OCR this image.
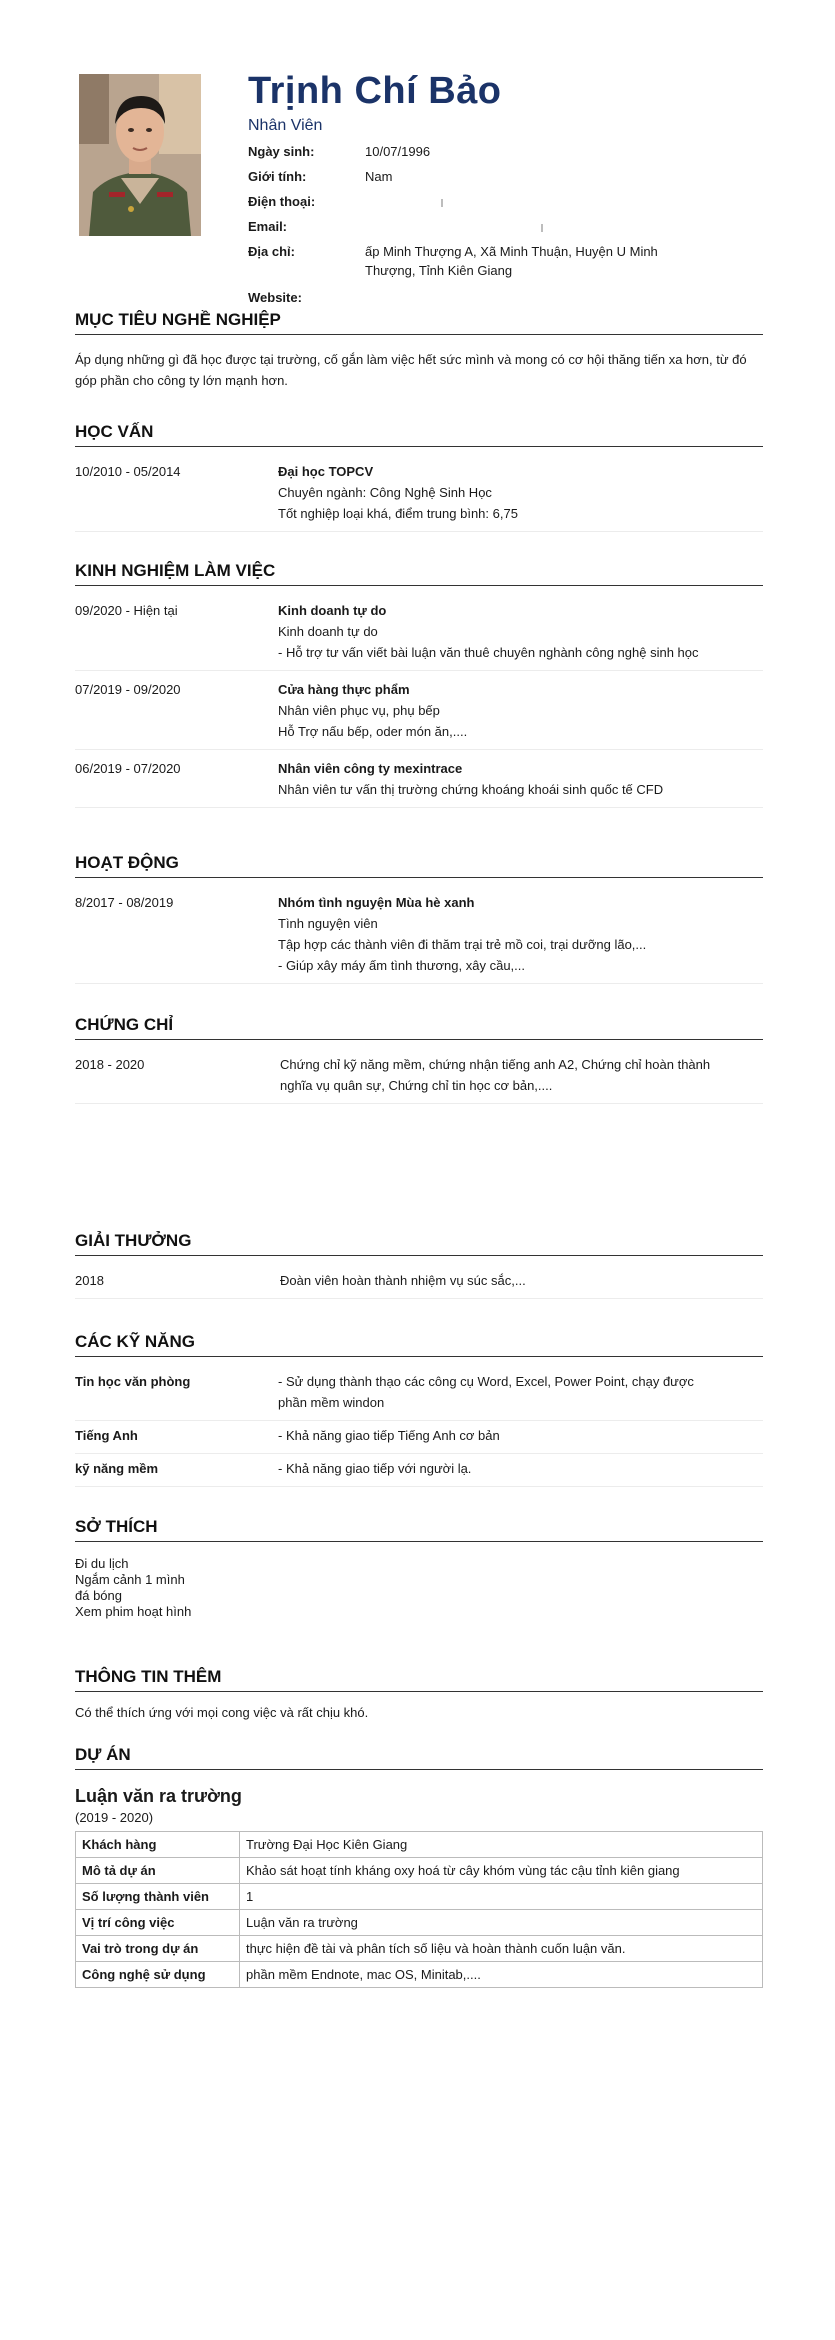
Trịnh Chí Bảo
Nhân Viên
Ngày sinh:	10/07/1996
Giới tính:	Nam
Điện thoại:
Email:
Địa chỉ:	ấp Minh Thượng A, Xã Minh Thuận, Huyện U Minh Thượng, Tỉnh Kiên Giang
Website:
MỤC TIÊU NGHỀ NGHIỆP
Áp dụng những gì đã học được tại trường, cố gắn làm việc hết sức mình và mong có cơ hội thăng tiến xa hơn, từ đó góp phần cho công ty lớn mạnh hơn.
HỌC VẤN
10/2010 - 05/2014	Đại học TOPCV
Chuyên ngành: Công Nghệ Sinh Học
Tốt nghiệp loại khá, điểm trung bình: 6,75
KINH NGHIỆM LÀM VIỆC
09/2020 - Hiện tại	Kinh doanh tự do
Kinh doanh tự do
- Hỗ trợ tư vấn viết bài luận văn thuê chuyên nghành công nghệ sinh học
07/2019 - 09/2020	Cửa hàng thực phẩm
Nhân viên phục vụ, phụ bếp
Hỗ Trợ nấu bếp, oder món ăn,....
06/2019 - 07/2020	Nhân viên công ty mexintrace
Nhân viên tư vấn thị trường chứng khoáng khoái sinh quốc tế CFD
HOẠT ĐỘNG
8/2017 - 08/2019	Nhóm tình nguyện Mùa hè xanh
Tình nguyện viên
Tập hợp các thành viên đi thăm trại trẻ mồ coi, trại dưỡng lão,...
- Giúp xây máy ấm tình thương, xây cầu,...
CHỨNG CHỈ
2018 - 2020	Chứng chỉ kỹ năng mềm, chứng nhận tiếng anh A2, Chứng chỉ hoàn thành nghĩa vụ quân sự, Chứng chỉ tin học cơ bản,....
GIẢI THƯỞNG
2018	Đoàn viên hoàn thành nhiệm vụ súc sắc,...
CÁC KỸ NĂNG
Tin học văn phòng	- Sử dụng thành thạo các công cụ Word, Excel, Power Point, chạy được phần mềm windon
Tiếng Anh	- Khả năng giao tiếp Tiếng Anh cơ bản
kỹ năng mềm	- Khả năng giao tiếp với người lạ.
SỞ THÍCH
Đi du lịch
Ngắm cảnh 1 mình
đá bóng
Xem phim hoạt hình
THÔNG TIN THÊM
Có thể thích ứng với mọi cong việc và rất chịu khó.
DỰ ÁN
Luận văn ra trường
(2019 - 2020)
Khách hàng	Trường Đại Học Kiên Giang
Mô tả dự án	Khảo sát hoạt tính kháng oxy hoá từ cây khóm vùng tác cậu tỉnh kiên giang
Số lượng thành viên	1
Vị trí công việc	Luận văn ra trường
Vai trò trong dự án	thực hiện đề tài và phân tích số liệu và hoàn thành cuốn luận văn.
Công nghệ sử dụng	phần mềm Endnote, mac OS, Minitab,....
